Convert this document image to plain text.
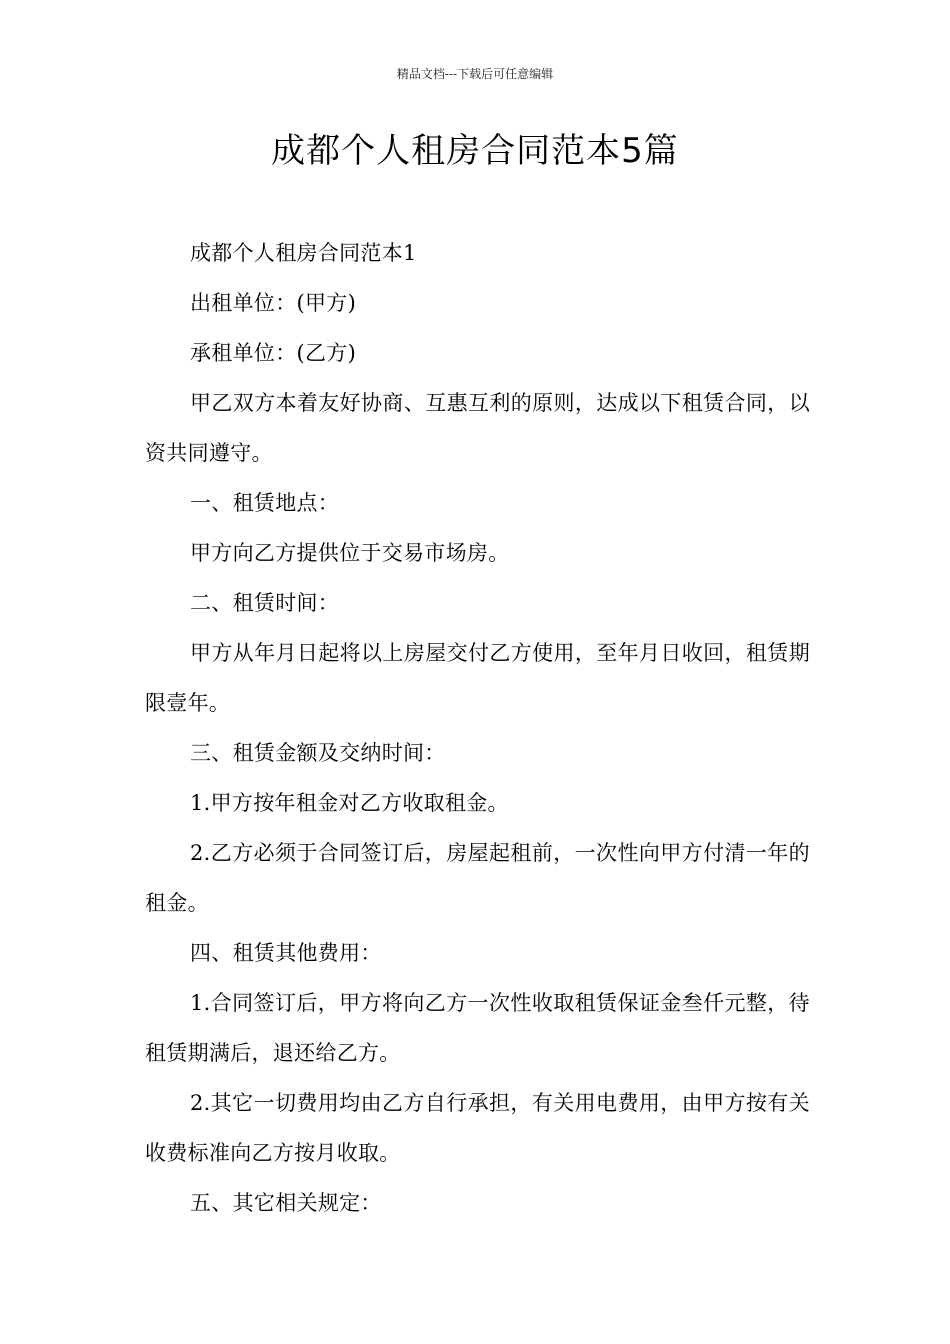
精品文档---下载后可任意编辑
成都个人租房合同范本5篇

成都个人租房合同范本1

出租单位：(甲方)

承租单位：(乙方)

甲乙双方本着友好协商、互惠互利的原则，达成以下租赁合同，以资共同遵守。

一、租赁地点：

甲方向乙方提供位于交易市场房。

二、租赁时间：

甲方从年月日起将以上房屋交付乙方使用，至年月日收回，租赁期限壹年。

三、租赁金额及交纳时间：

1.甲方按年租金对乙方收取租金。

2.乙方必须于合同签订后，房屋起租前，一次性向甲方付清一年的租金。

四、租赁其他费用：

1.合同签订后，甲方将向乙方一次性收取租赁保证金叁仟元整，待租赁期满后，退还给乙方。

2.其它一切费用均由乙方自行承担，有关用电费用，由甲方按有关收费标准向乙方按月收取。

五、其它相关规定：
